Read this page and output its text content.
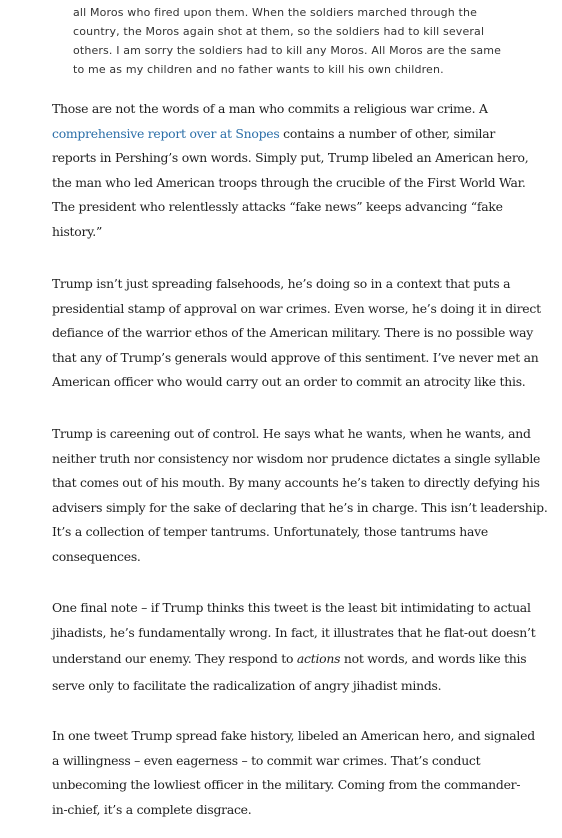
all Moros who fired upon them. When the soldiers marched through the
country, the Moros again shot at them, so the soldiers had to kill several
others. I am sorry the soldiers had to kill any Moros. All Moros are the same
to me as my children and no father wants to kill his own children.
Those are not the words of a man who commits a religious war crime. A
comprehensive report over at Snopes contains a number of other, similar
reports in Pershing’s own words. Simply put, Trump libeled an American hero,
the man who led American troops through the crucible of the First World War.
The president who relentlessly attacks “fake news” keeps advancing “fake
history.”
Trump isn’t just spreading falsehoods, he’s doing so in a context that puts a
presidential stamp of approval on war crimes. Even worse, he’s doing it in direct
defiance of the warrior ethos of the American military. There is no possible way
that any of Trump’s generals would approve of this sentiment. I’ve never met an
American officer who would carry out an order to commit an atrocity like this.
Trump is careening out of control. He says what he wants, when he wants, and
neither truth nor consistency nor wisdom nor prudence dictates a single syllable
that comes out of his mouth. By many accounts he’s taken to directly defying his
advisers simply for the sake of declaring that he’s in charge. This isn’t leadership.
It’s a collection of temper tantrums. Unfortunately, those tantrums have
consequences.
One final note – if Trump thinks this tweet is the least bit intimidating to actual
jihadists, he’s fundamentally wrong. In fact, it illustrates that he flat-out doesn’t
understand our enemy. They respond to actions not words, and words like this
serve only to facilitate the radicalization of angry jihadist minds.
In one tweet Trump spread fake history, libeled an American hero, and signaled
a willingness – even eagerness – to commit war crimes. That’s conduct
unbecoming the lowliest officer in the military. Coming from the commander-
in-chief, it’s a complete disgrace.
